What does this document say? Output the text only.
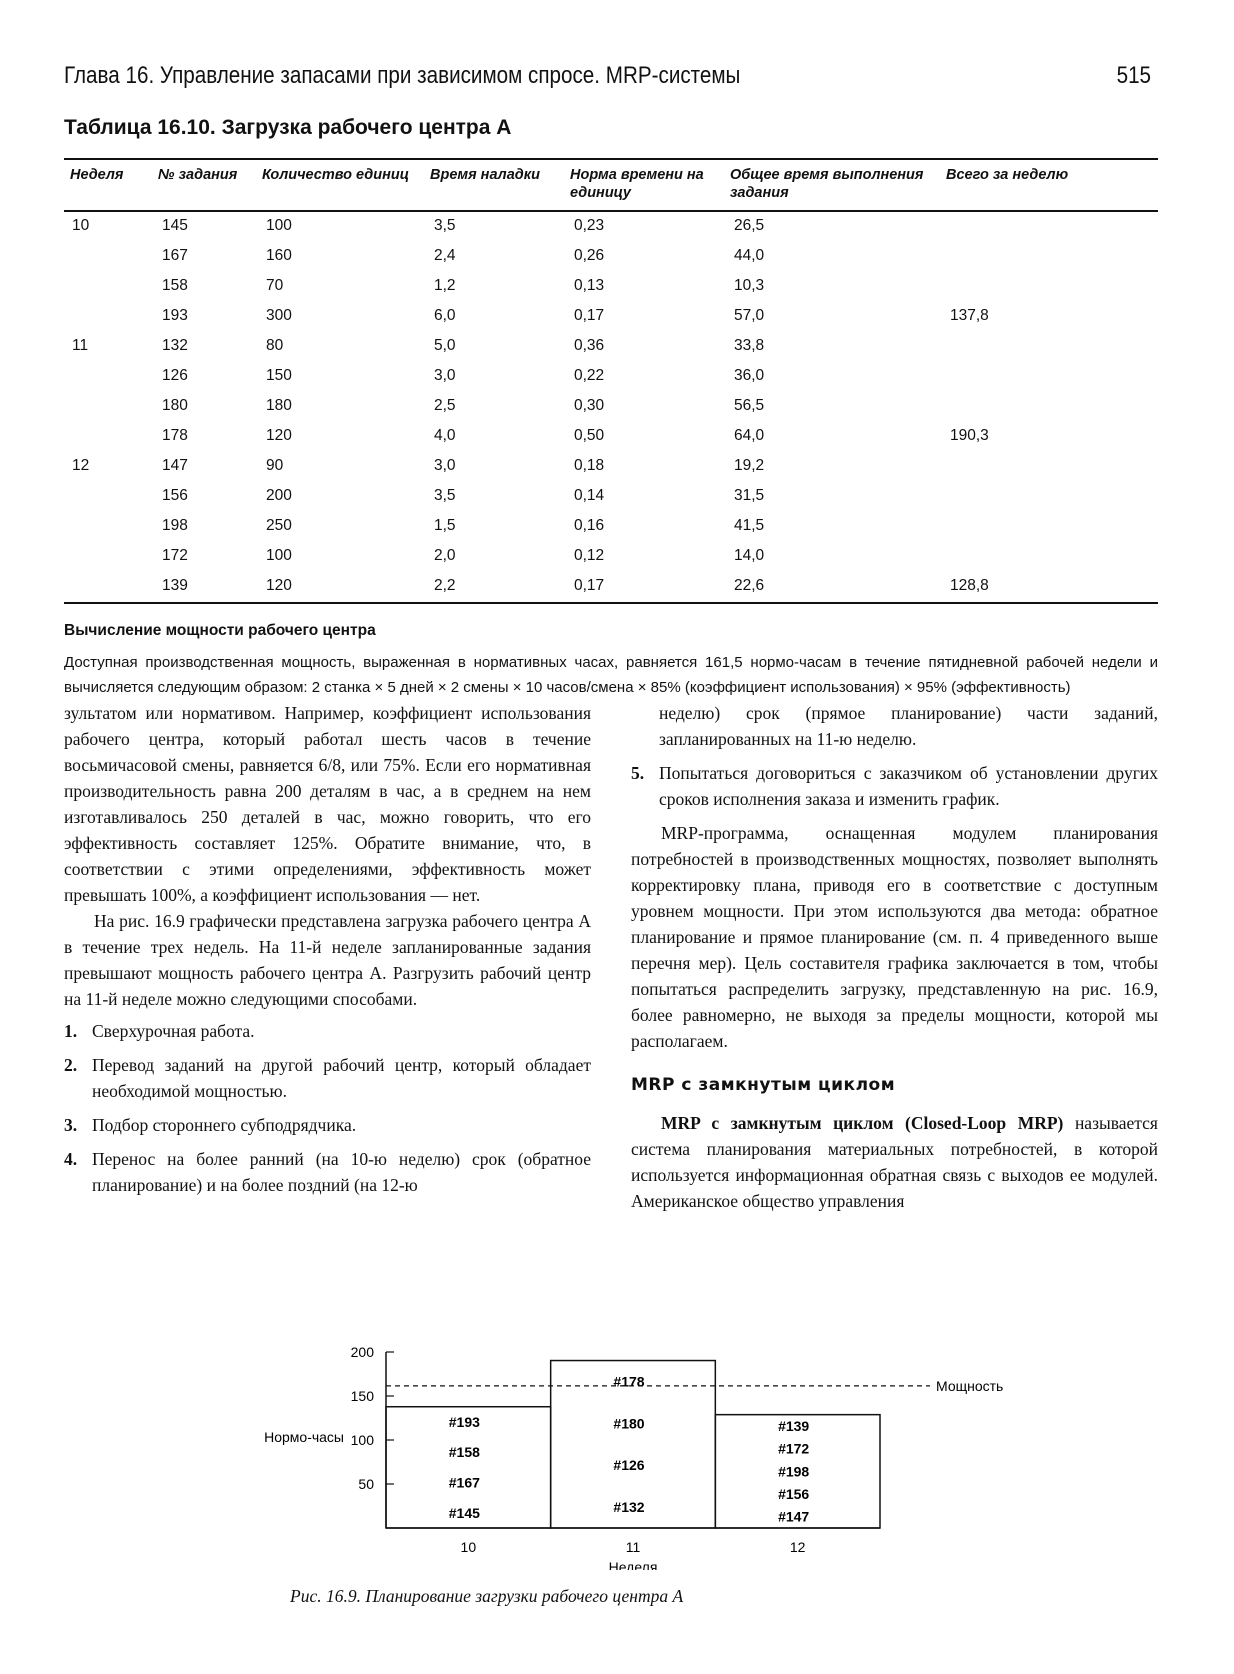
Глава 16. Управление запасами при зависимом спросе. MRP-системы	515
Таблица 16.10. Загрузка рабочего центра А
Неделя	№ задания	Количество единиц	Время наладки	Норма времени на единицу	Общее время выполнения задания	Всего за неделю
10	145	100	3,5	0,23	26,5	
	167	160	2,4	0,26	44,0	
	158	70	1,2	0,13	10,3	
	193	300	6,0	0,17	57,0	137,8
11	132	80	5,0	0,36	33,8	
	126	150	3,0	0,22	36,0	
	180	180	2,5	0,30	56,5	
	178	120	4,0	0,50	64,0	190,3
12	147	90	3,0	0,18	19,2	
	156	200	3,5	0,14	31,5	
	198	250	1,5	0,16	41,5	
	172	100	2,0	0,12	14,0	
	139	120	2,2	0,17	22,6	128,8
Вычисление мощности рабочего центра
Доступная производственная мощность, выраженная в нормативных часах, равняется 161,5 нормо-часам в течение пятидневной рабочей недели и вычисляется следующим образом: 2 станка × 5 дней × 2 смены × 10 часов/смена × 85% (коэффициент использования) × 95% (эффективность)

зультатом или нормативом. Например, коэффициент использования рабочего центра, который работал шесть часов в течение восьмичасовой смены, равняется 6/8, или 75%. Если его нормативная производительность равна 200 деталям в час, а в среднем на нем изготавливалось 250 деталей в час, можно говорить, что его эффективность составляет 125%. Обратите внимание, что, в соответствии с этими определениями, эффективность может превышать 100%, а коэффициент использования — нет.

На рис. 16.9 графически представлена загрузка рабочего центра A в течение трех недель. На 11-й неделе запланированные задания превышают мощность рабочего центра A. Разгрузить рабочий центр на 11-й неделе можно следующими способами.

1. Сверхурочная работа.
2. Перевод заданий на другой рабочий центр, который обладает необходимой мощностью.
3. Подбор стороннего субподрядчика.
4. Перенос на более ранний (на 10-ю неделю) срок (обратное планирование) и на более поздний (на 12-ю

неделю) срок (прямое планирование) части заданий, запланированных на 11-ю неделю.

5. Попытаться договориться с заказчиком об установлении других сроков исполнения заказа и изменить график.

MRP-программа, оснащенная модулем планирования потребностей в производственных мощностях, позволяет выполнять корректировку плана, приводя его в соответствие с доступным уровнем мощности. При этом используются два метода: обратное планирование и прямое планирование (см. п. 4 приведенного выше перечня мер). Цель составителя графика заключается в том, чтобы попытаться распределить загрузку, представленную на рис. 16.9, более равномерно, не выходя за пределы мощности, которой мы располагаем.

MRP с замкнутым циклом

MRP с замкнутым циклом (Closed-Loop MRP) называется система планирования материальных потребностей, в которой используется информационная обратная связь с выходов ее модулей. Американское общество управления

50
100
150
200
Нормо-часы
#145
#167
#158
#193
10
#132
#126
#180
#178
11
#147
#156
#198
#172
#139
12
Мощность
Неделя
Рис. 16.9. Планирование загрузки рабочего центра A
